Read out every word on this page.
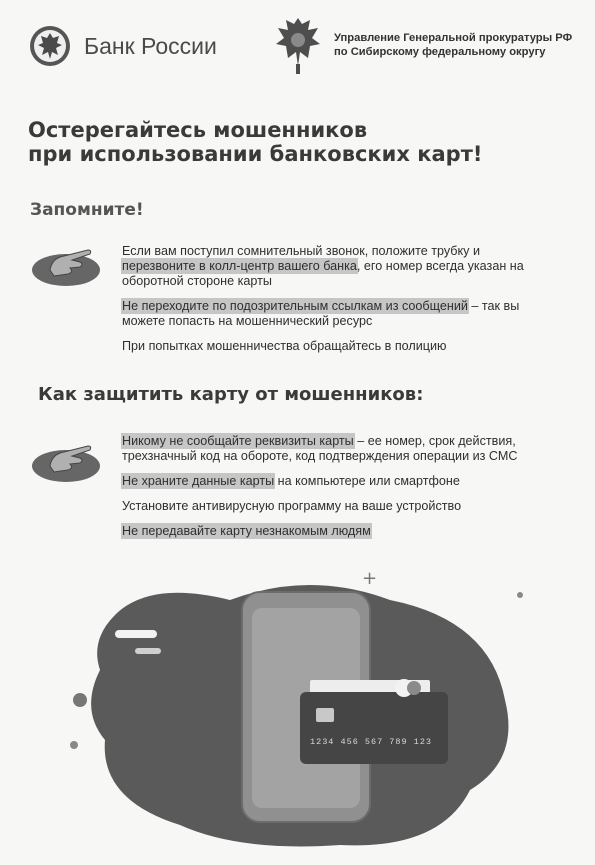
Банк России	Управление Генеральной прокуратуры РФ
по Сибирскому федеральному округу
Остерегайтесь мошенников
при использовании банковских карт!
Запомните!

Если вам поступил сомнительный звонок, положите трубку и перезвоните в колл-центр вашего банка, его номер всегда указан на оборотной стороне карты

Не переходите по подозрительным ссылкам из сообщений – так вы можете попасть на мошеннический ресурс

При попытках мошенничества обращайтесь в полицию

Как защитить карту от мошенников:

Никому не сообщайте реквизиты карты – ее номер, срок действия, трехзначный код на обороте, код подтверждения операции из СМС

Не храните данные карты на компьютере или смартфоне

Установите антивирусную программу на ваше устройство

Не передавайте карту незнакомым людям

+
1234 456 567 789 123
